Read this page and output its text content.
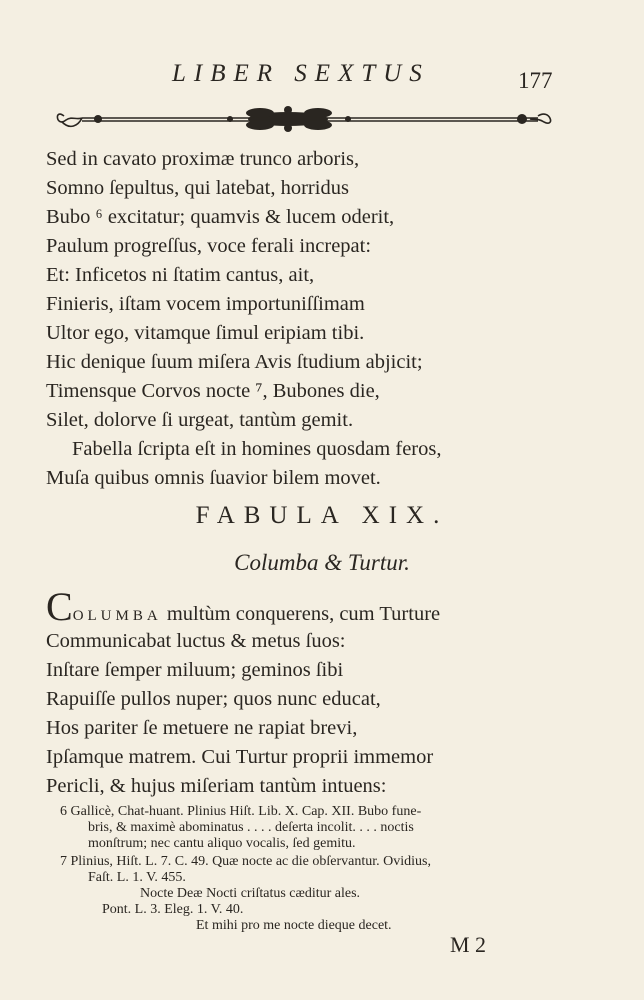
LIBER SEXTUS	177
Sed in cavato proximæ trunco arboris,
Somno ſepultus, qui latebat, horridus
Bubo ⁶ excitatur; quamvis & lucem oderit,
Paulum progreſſus, voce ferali increpat:
Et: Inficetos ni ſtatim cantus, ait,
Finieris, iſtam vocem importuniſſimam
Ultor ego, vitamque ſimul eripiam tibi.
Hic denique ſuum miſera Avis ſtudium abjicit;
Timensque Corvos nocte ⁷, Bubones die,
Silet, dolorve ſi urgeat, tantùm gemit.
Fabella ſcripta eſt in homines quosdam feros,
Muſa quibus omnis ſuavior bilem movet.
FABULA XIX.
Columba & Turtur.
COLUMBA multùm conquerens, cum Turture
Communicabat luctus & metus ſuos:
Inſtare ſemper miluum; geminos ſibi
Rapuiſſe pullos nuper; quos nunc educat,
Hos pariter ſe metuere ne rapiat brevi,
Ipſamque matrem. Cui Turtur proprii immemor
Pericli, & hujus miſeriam tantùm intuens:
6 Gallicè, Chat-huant. Plinius Hiſt. Lib. X. Cap. XII. Bubo fune-
bris, & maximè abominatus . . . . deſerta incolit. . . . noctis
monſtrum; nec cantu aliquo vocalis, ſed gemitu.
7 Plinius, Hiſt. L. 7. C. 49. Quæ nocte ac die obſervantur. Ovidius,
Faſt. L. 1. V. 455.
Nocte Deæ Nocti criſtatus cæditur ales.
Pont. L. 3. Eleg. 1. V. 40.
Et mihi pro me nocte dieque decet.
M 2
